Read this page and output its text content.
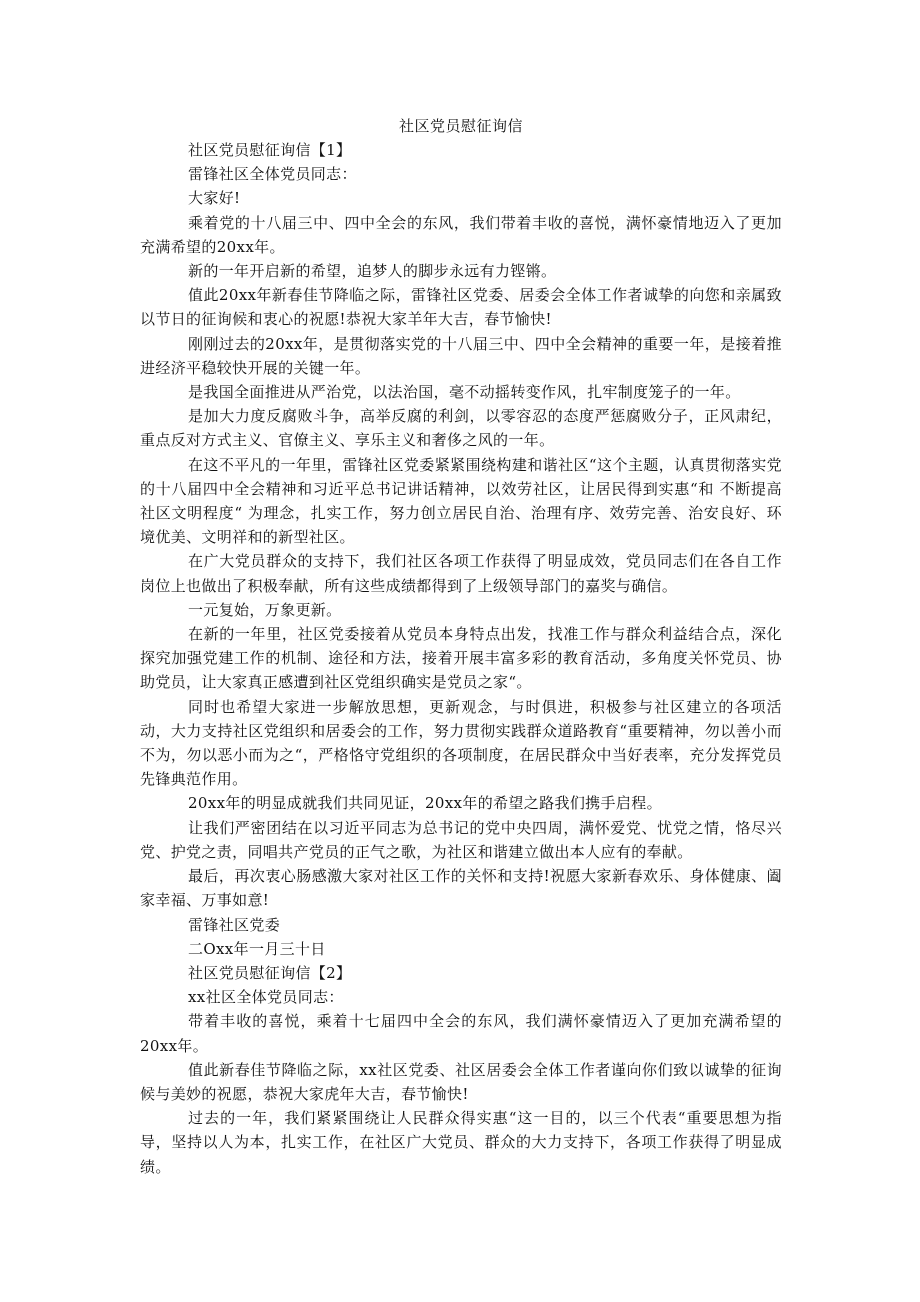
社区党员慰征询信

社区党员慰征询信【1】

雷锋社区全体党员同志：

大家好!

乘着党的十八届三中、四中全会的东风，我们带着丰收的喜悦，满怀豪情地迈入了更加充满希望的20xx年。

新的一年开启新的希望，追梦人的脚步永远有力铿锵。

值此20xx年新春佳节降临之际，雷锋社区党委、居委会全体工作者诚挚的向您和亲属致以节日的征询候和衷心的祝愿!恭祝大家羊年大吉，春节愉快!

刚刚过去的20xx年，是贯彻落实党的十八届三中、四中全会精神的重要一年，是接着推进经济平稳较快开展的关键一年。

是我国全面推进从严治党，以法治国，毫不动摇转变作风，扎牢制度笼子的一年。

是加大力度反腐败斗争，高举反腐的利剑，以零容忍的态度严惩腐败分子，正风肃纪，重点反对方式主义、官僚主义、享乐主义和奢侈之风的一年。

在这不平凡的一年里，雷锋社区党委紧紧围绕构建和谐社区“这个主题，认真贯彻落实党的十八届四中全会精神和习近平总书记讲话精神，以效劳社区，让居民得到实惠“和 不断提高社区文明程度“ 为理念，扎实工作，努力创立居民自治、治理有序、效劳完善、治安良好、环境优美、文明祥和的新型社区。

在广大党员群众的支持下，我们社区各项工作获得了明显成效，党员同志们在各自工作岗位上也做出了积极奉献，所有这些成绩都得到了上级领导部门的嘉奖与确信。

一元复始，万象更新。

在新的一年里，社区党委接着从党员本身特点出发，找准工作与群众利益结合点，深化探究加强党建工作的机制、途径和方法，接着开展丰富多彩的教育活动，多角度关怀党员、协助党员，让大家真正感遭到社区党组织确实是党员之家“。

同时也希望大家进一步解放思想，更新观念，与时俱进，积极参与社区建立的各项活动，大力支持社区党组织和居委会的工作，努力贯彻实践群众道路教育“重要精神，勿以善小而不为，勿以恶小而为之“，严格恪守党组织的各项制度，在居民群众中当好表率，充分发挥党员先锋典范作用。

20xx年的明显成就我们共同见证，20xx年的希望之路我们携手启程。

让我们严密团结在以习近平同志为总书记的党中央四周，满怀爱党、忧党之情，恪尽兴党、护党之责，同唱共产党员的正气之歌，为社区和谐建立做出本人应有的奉献。

最后，再次衷心肠感激大家对社区工作的关怀和支持!祝愿大家新春欢乐、身体健康、阖家幸福、万事如意!

雷锋社区党委

二Oxx年一月三十日

社区党员慰征询信【2】

xx社区全体党员同志：

带着丰收的喜悦，乘着十七届四中全会的东风，我们满怀豪情迈入了更加充满希望的20xx年。

值此新春佳节降临之际，xx社区党委、社区居委会全体工作者谨向你们致以诚挚的征询候与美妙的祝愿，恭祝大家虎年大吉，春节愉快!

过去的一年，我们紧紧围绕让人民群众得实惠“这一目的，以三个代表“重要思想为指导，坚持以人为本，扎实工作，在社区广大党员、群众的大力支持下，各项工作获得了明显成绩。
